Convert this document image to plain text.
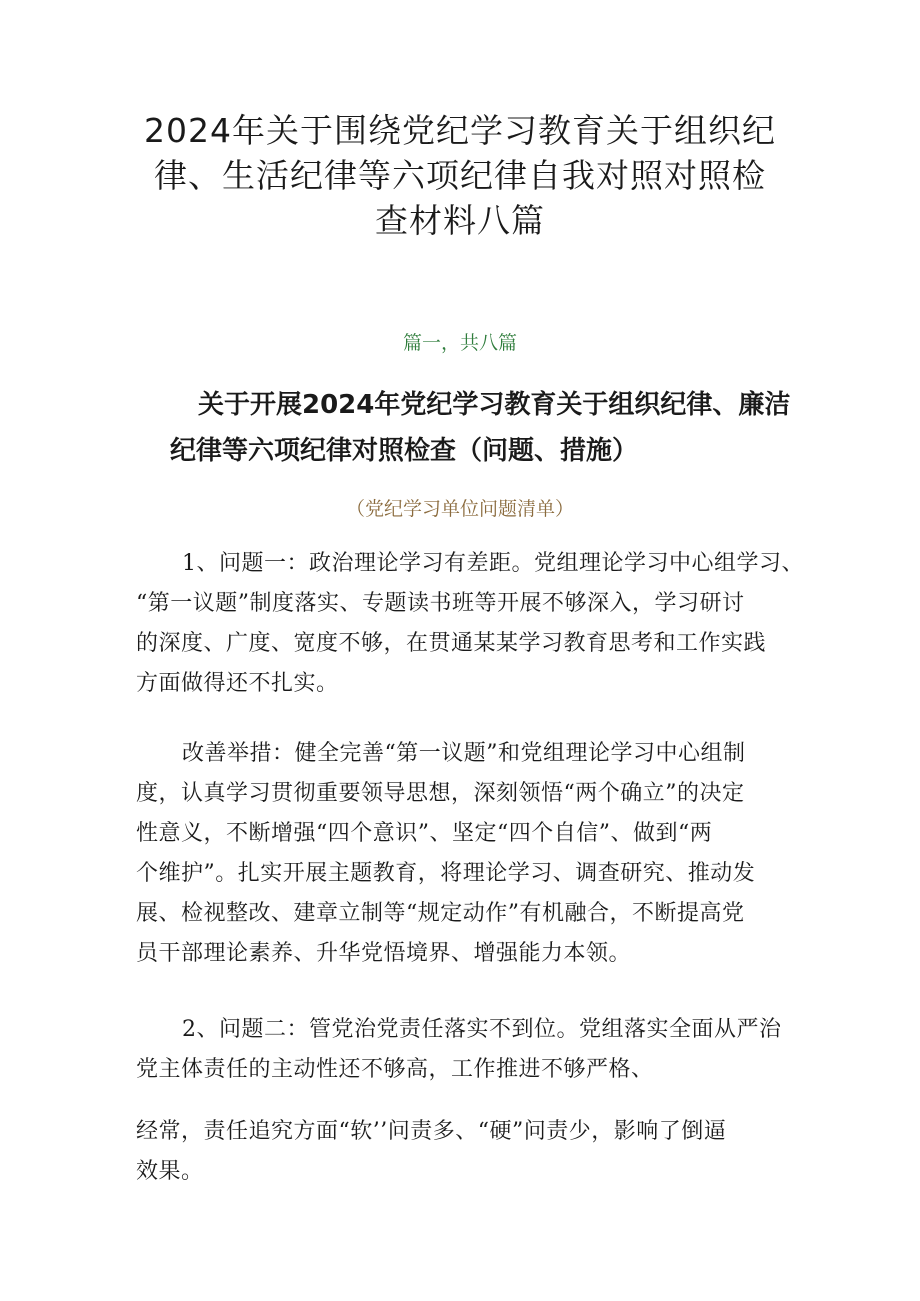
2024年关于围绕党纪学习教育关于组织纪
律、生活纪律等六项纪律自我对照对照检
查材料八篇
篇一，共八篇
关于开展2024年党纪学习教育关于组织纪律、廉洁
纪律等六项纪律对照检查（问题、措施）
（党纪学习单位问题清单）

1、问题一：政治理论学习有差距。党组理论学习中心组学习、
“第一议题”制度落实、专题读书班等开展不够深入，学习研讨
的深度、广度、宽度不够，在贯通某某学习教育思考和工作实践
方面做得还不扎实。

改善举措：健全完善“第一议题”和党组理论学习中心组制
度，认真学习贯彻重要领导思想，深刻领悟“两个确立”的决定
性意义，不断增强“四个意识”、坚定“四个自信”、做到“两
个维护”。扎实开展主题教育，将理论学习、调查研究、推动发
展、检视整改、建章立制等“规定动作”有机融合，不断提高党
员干部理论素养、升华党悟境界、增强能力本领。

2、问题二：管党治党责任落实不到位。党组落实全面从严治
党主体责任的主动性还不够高，工作推进不够严格、

经常，责任追究方面“软’’问责多、“硬”问责少，影响了倒逼
效果。
